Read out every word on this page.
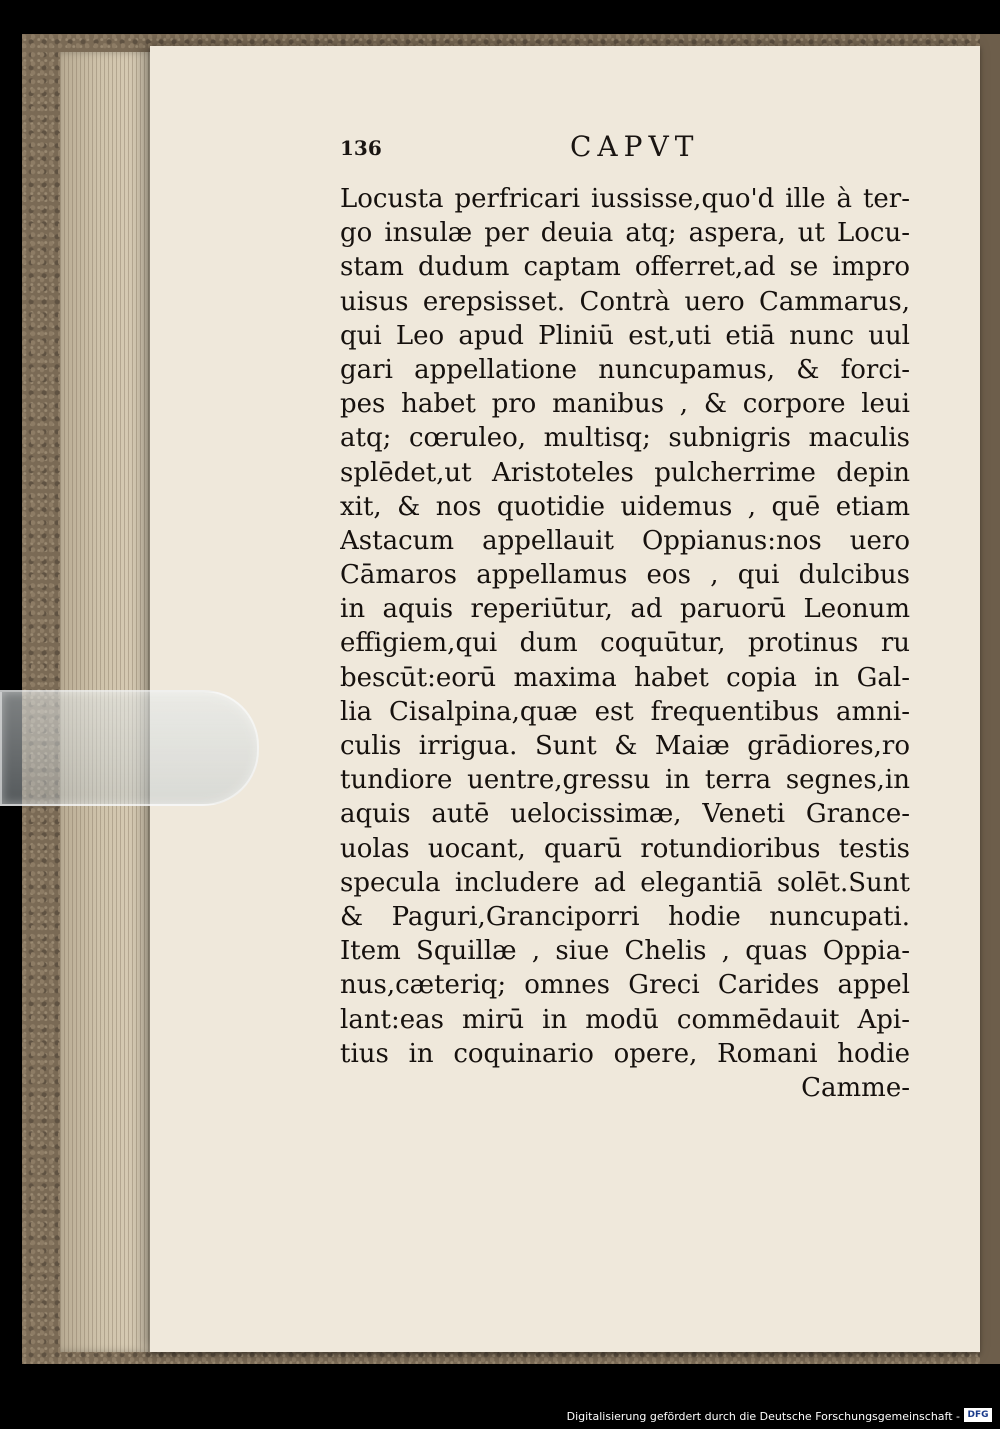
136	CAPVT
Locusta perfricari iussisse,quo'd ille à ter-
go insulæ per deuia atq; aspera, ut Locu-
stam dudum captam offerret,ad se impro
uisus erepsisset. Contrà uero Cammarus,
qui Leo apud Pliniū est,uti etiā nunc uul
gari appellatione nuncupamus, & forci-
pes habet pro manibus , & corpore leui
atq; cœruleo, multisq; subnigris maculis
splēdet,ut Aristoteles pulcherrime depin
xit, & nos quotidie uidemus , quē etiam
Astacum appellauit Oppianus:nos uero
Cāmaros appellamus eos , qui dulcibus
in aquis reperiūtur, ad paruorū Leonum
effigiem,qui dum coquūtur, protinus ru
bescūt:eorū maxima habet copia in Gal-
lia Cisalpina,quæ est frequentibus amni-
culis irrigua. Sunt & Maiæ grādiores,ro
tundiore uentre,gressu in terra segnes,in
aquis autē uelocissimæ, Veneti Grance-
uolas uocant, quarū rotundioribus testis
specula includere ad elegantiā solēt.Sunt
& Paguri,Granciporri hodie nuncupati.
Item Squillæ , siue Chelis , quas Oppia-
nus,cæteriq; omnes Greci Carides appel
lant:eas mirū in modū commēdauit Api-
tius in coquinario opere, Romani hodie
Camme-
Digitalisierung gefördert durch die Deutsche Forschungsgemeinschaft - DFG
